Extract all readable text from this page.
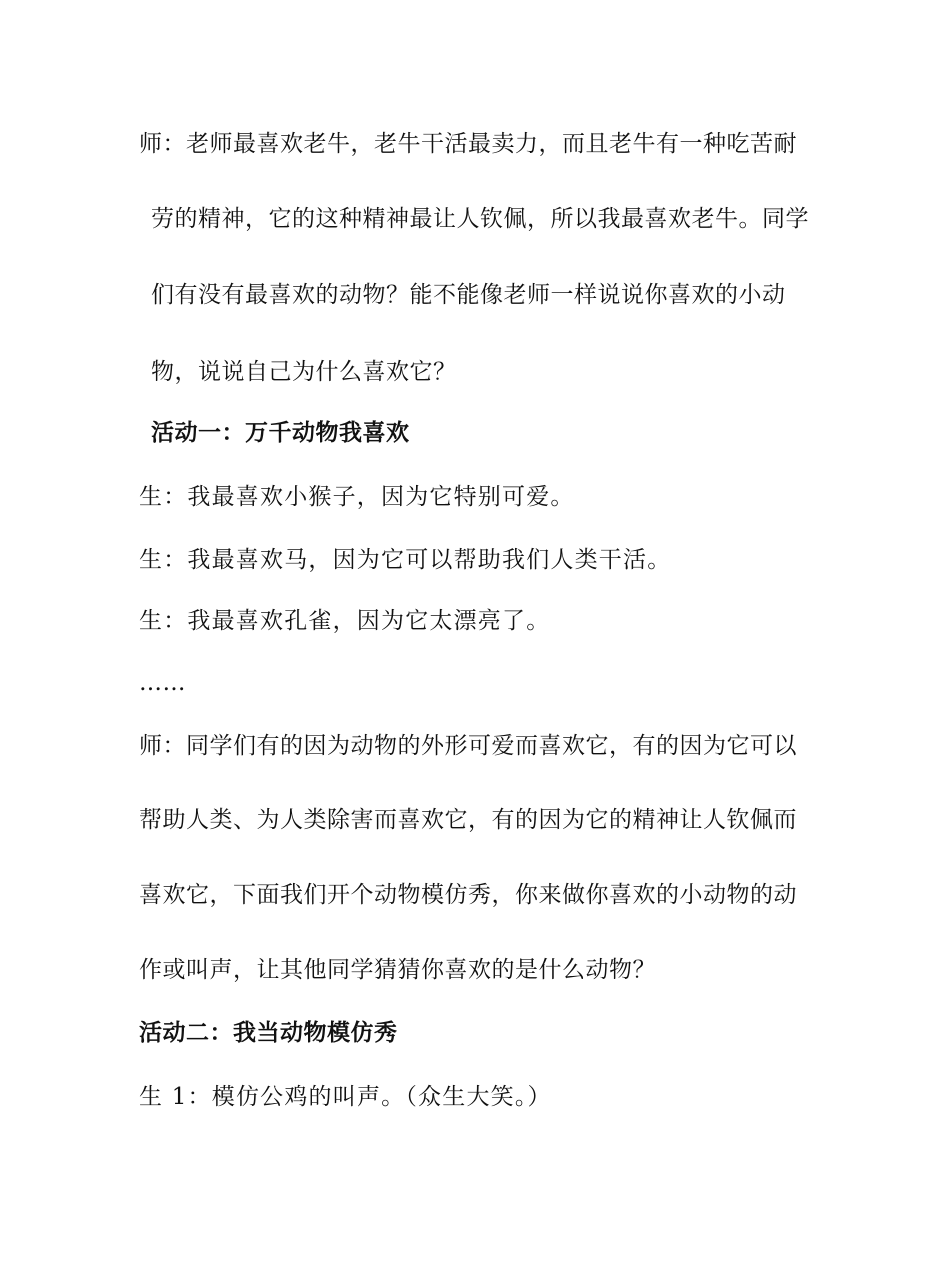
师：老师最喜欢老牛，老牛干活最卖力，而且老牛有一种吃苦耐
劳的精神，它的这种精神最让人钦佩，所以我最喜欢老牛。同学
们有没有最喜欢的动物？能不能像老师一样说说你喜欢的小动
物，说说自己为什么喜欢它？
活动一：万千动物我喜欢
生：我最喜欢小猴子，因为它特别可爱。
生：我最喜欢马，因为它可以帮助我们人类干活。
生：我最喜欢孔雀，因为它太漂亮了。
……
师：同学们有的因为动物的外形可爱而喜欢它，有的因为它可以
帮助人类、为人类除害而喜欢它，有的因为它的精神让人钦佩而
喜欢它，下面我们开个动物模仿秀，你来做你喜欢的小动物的动
作或叫声，让其他同学猜猜你喜欢的是什么动物？
活动二：我当动物模仿秀
生 1：模仿公鸡的叫声。（众生大笑。）
